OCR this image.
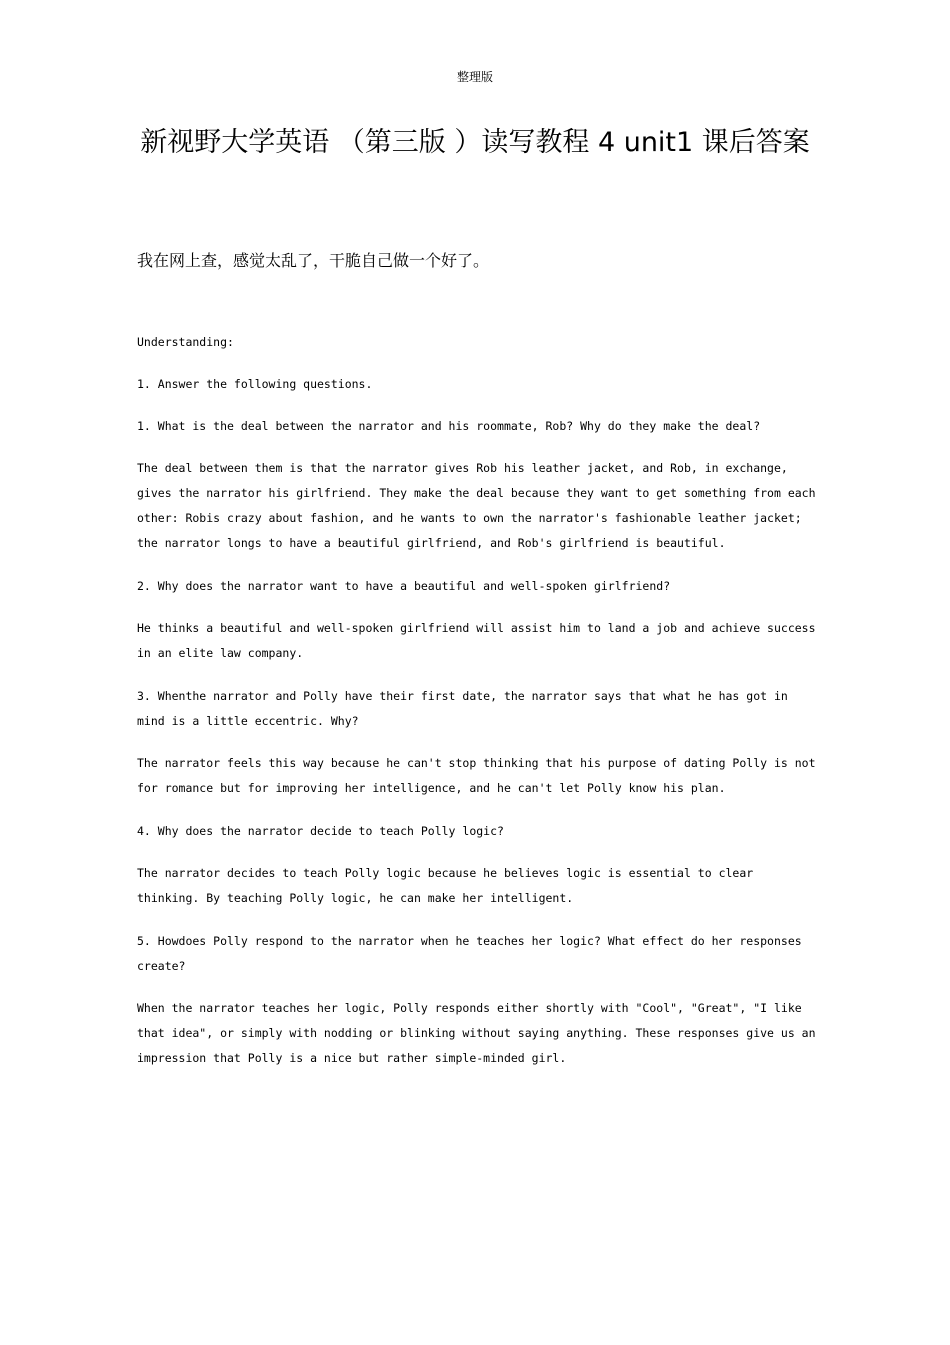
整理版
新视野大学英语 （第三版 ）读写教程 4 unit1 课后答案
我在网上查，感觉太乱了，干脆自己做一个好了。

Understanding:

1. Answer the following questions.

1. What is the deal between the narrator and his roommate, Rob? Why do they make the deal?

The deal between them is that the narrator gives Rob his leather jacket, and Rob, in exchange, gives the narrator his girlfriend. They make the deal because they want to get something from each other: Robis crazy about fashion, and he wants to own the narrator's fashionable leather jacket; the narrator longs to have a beautiful girlfriend, and Rob's girlfriend is beautiful.

2. Why does the narrator want to have a beautiful and well-spoken girlfriend?

He thinks a beautiful and well-spoken girlfriend will assist him to land a job and achieve success in an elite law company.

3. Whenthe narrator and Polly have their first date, the narrator says that what he has got in mind is a little eccentric. Why?

The narrator feels this way because he can't stop thinking that his purpose of dating Polly is not for romance but for improving her intelligence, and he can't let Polly know his plan.

4. Why does the narrator decide to teach Polly logic?

The narrator decides to teach Polly logic because he believes logic is essential to clear thinking. By teaching Polly logic, he can make her intelligent.

5. Howdoes Polly respond to the narrator when he teaches her logic? What effect do her responses create?

When the narrator teaches her logic, Polly responds either shortly with "Cool", "Great", "I like that idea", or simply with nodding or blinking without saying anything. These responses give us an impression that Polly is a nice but rather simple-minded girl.
